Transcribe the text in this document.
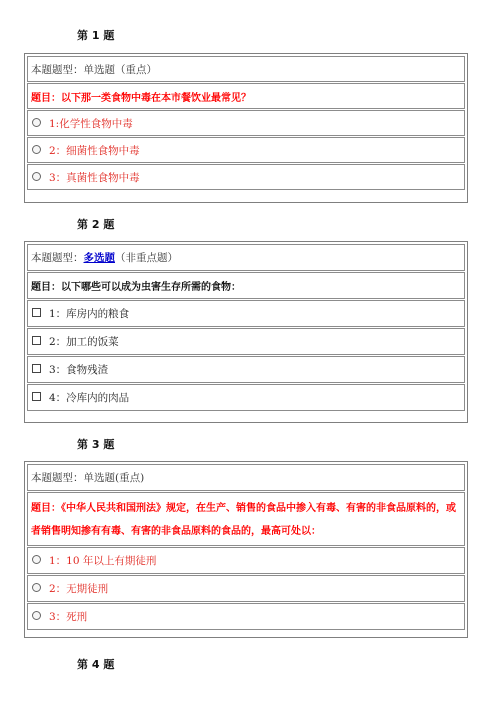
第 1 题
本题题型：单选题（重点）
题目：以下那一类食物中毒在本市餐饮业最常见？
1:化学性食物中毒
2：细菌性食物中毒
3：真菌性食物中毒
第 2 题
本题题型： 多选题 （非重点题）
题目：以下哪些可以成为虫害生存所需的食物：
1：库房内的粮食
2：加工的饭菜
3：食物残渣
4：冷库内的肉品
第 3 题
本题题型：单选题(重点)
题目：《中华人民共和国刑法》规定，在生产、销售的食品中掺入有毒、有害的非食品原料的，或者销售明知掺有有毒、有害的非食品原料的食品的，最高可处以：
1：10 年以上有期徒刑
2：无期徒刑
3：死刑
第 4 题
